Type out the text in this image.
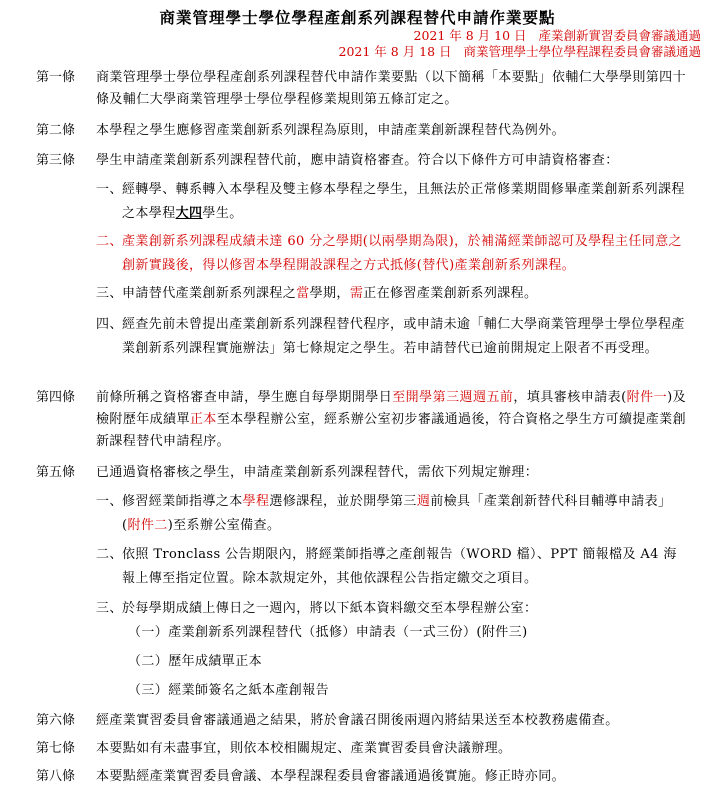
商業管理學士學位學程產創系列課程替代申請作業要點
2021 年 8 月 10 日 產業創新實習委員會審議通過
2021 年 8 月 18 日 商業管理學士學位學程課程委員會審議通過
第一條	商業管理學士學位學程產創系列課程替代申請作業要點（以下簡稱「本要點」依輔仁大學學則第四十條及輔仁大學商業管理學士學位學程修業規則第五條訂定之。
第二條	本學程之學生應修習產業創新系列課程為原則，申請產業創新課程替代為例外。
第三條	學生申請產業創新系列課程替代前，應申請資格審查。符合以下條件方可申請資格審查：
一、 經轉學、轉系轉入本學程及雙主修本學程之學生，且無法於正常修業期間修畢產業創新系列課程之本學程大四學生。
二、 產業創新系列課程成績未達 60 分之學期(以兩學期為限)，於補滿經業師認可及學程主任同意之創新實踐後，得以修習本學程開設課程之方式抵修(替代)產業創新系列課程。
三、 申請替代產業創新系列課程之當學期，需正在修習產業創新系列課程。
四、 經查先前未曾提出產業創新系列課程替代程序，或申請未逾「輔仁大學商業管理學士學位學程產業創新系列課程實施辦法」第七條規定之學生。若申請替代已逾前開規定上限者不再受理。
第四條	前條所稱之資格審查申請，學生應自每學期開學日至開學第三週週五前，填具審核申請表(附件一)及檢附歷年成績單正本至本學程辦公室，經系辦公室初步審議通過後，符合資格之學生方可續提產業創新課程替代申請程序。
第五條	已通過資格審核之學生，申請產業創新系列課程替代，需依下列規定辦理：
一、 修習經業師指導之本學程選修課程，並於開學第三週前檢具「產業創新替代科目輔導申請表」(附件二)至系辦公室備查。
二、 依照 Tronclass 公告期限內，將經業師指導之產創報告（WORD 檔）、PPT 簡報檔及 A4 海報上傳至指定位置。除本款規定外，其他依課程公告指定繳交之項目。
三、 於每學期成績上傳日之一週內，將以下紙本資料繳交至本學程辦公室：
（一）產業創新系列課程替代（抵修）申請表（一式三份）(附件三)
（二）歷年成績單正本
（三）經業師簽名之紙本產創報告
第六條	經產業實習委員會審議通過之結果，將於會議召開後兩週內將結果送至本校教務處備查。
第七條	本要點如有未盡事宜，則依本校相關規定、產業實習委員會決議辦理。
第八條	本要點經產業實習委員會議、本學程課程委員會審議通過後實施。修正時亦同。
